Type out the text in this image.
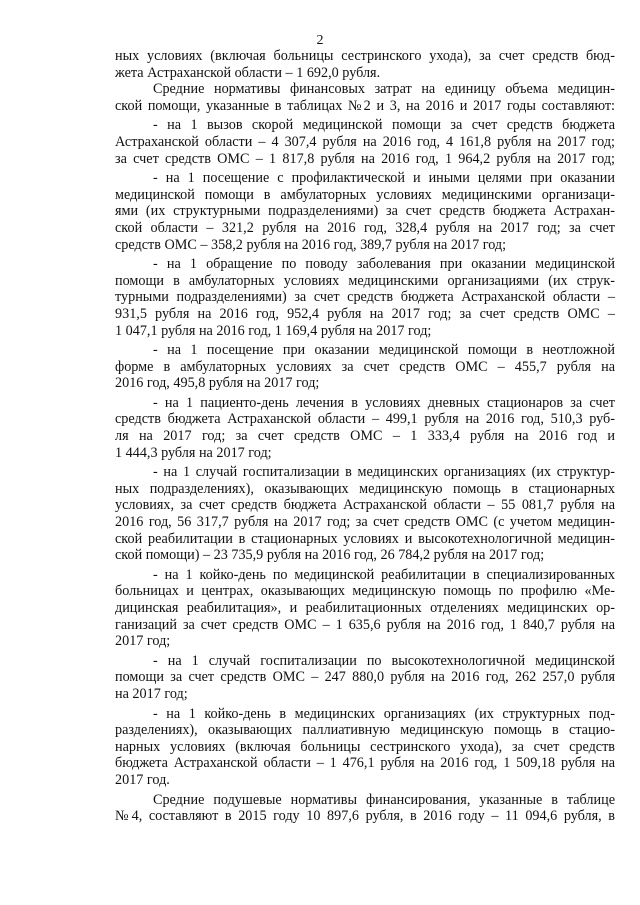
2
ных условиях (включая больницы сестринского ухода), за счет средств бюд-
жета Астраханской области – 1 692,0 рубля.
Средние нормативы финансовых затрат на единицу объема медицин-
ской помощи, указанные в таблицах №2 и 3, на 2016 и 2017 годы составляют:
- на 1 вызов скорой медицинской помощи за счет средств бюджета
Астраханской области – 4 307,4 рубля на 2016 год, 4 161,8 рубля на 2017 год;
за счет средств ОМС – 1 817,8 рубля на 2016 год, 1 964,2 рубля на 2017 год;
- на 1 посещение с профилактической и иными целями при оказании
медицинской помощи в амбулаторных условиях медицинскими организаци-
ями (их структурными подразделениями) за счет средств бюджета Астрахан-
ской области – 321,2 рубля на 2016 год, 328,4 рубля на 2017 год; за счет
средств ОМС – 358,2 рубля на 2016 год, 389,7 рубля на 2017 год;
- на 1 обращение по поводу заболевания при оказании медицинской
помощи в амбулаторных условиях медицинскими организациями (их струк-
турными подразделениями) за счет средств бюджета Астраханской области –
931,5 рубля на 2016 год, 952,4 рубля на 2017 год; за счет средств ОМС –
1 047,1 рубля на 2016 год, 1 169,4 рубля на 2017 год;
- на 1 посещение при оказании медицинской помощи в неотложной
форме в амбулаторных условиях за счет средств ОМС – 455,7 рубля на
2016 год, 495,8 рубля на 2017 год;
- на 1 пациенто-день лечения в условиях дневных стационаров за счет
средств бюджета Астраханской области – 499,1 рубля на 2016 год, 510,3 руб-
ля на 2017 год; за счет средств ОМС – 1 333,4 рубля на 2016 год и
1 444,3 рубля на 2017 год;
- на 1 случай госпитализации в медицинских организациях (их структур-
ных подразделениях), оказывающих медицинскую помощь в стационарных
условиях, за счет средств бюджета Астраханской области – 55 081,7 рубля на
2016 год, 56 317,7 рубля на 2017 год; за счет средств ОМС (с учетом медицин-
ской реабилитации в стационарных условиях и высокотехнологичной медицин-
ской помощи) – 23 735,9 рубля на 2016 год, 26 784,2 рубля на 2017 год;
- на 1 койко-день по медицинской реабилитации в специализированных
больницах и центрах, оказывающих медицинскую помощь по профилю «Ме-
дицинская реабилитация», и реабилитационных отделениях медицинских ор-
ганизаций за счет средств ОМС – 1 635,6 рубля на 2016 год, 1 840,7 рубля на
2017 год;
- на 1 случай госпитализации по высокотехнологичной медицинской
помощи за счет средств ОМС – 247 880,0 рубля на 2016 год, 262 257,0 рубля
на 2017 год;
- на 1 койко-день в медицинских организациях (их структурных под-
разделениях), оказывающих паллиативную медицинскую помощь в стацио-
нарных условиях (включая больницы сестринского ухода), за счет средств
бюджета Астраханской области – 1 476,1 рубля на 2016 год, 1 509,18 рубля на
2017 год.
Средние подушевые нормативы финансирования, указанные в таблице
№4, составляют в 2015 году 10 897,6 рубля, в 2016 году – 11 094,6 рубля, в
